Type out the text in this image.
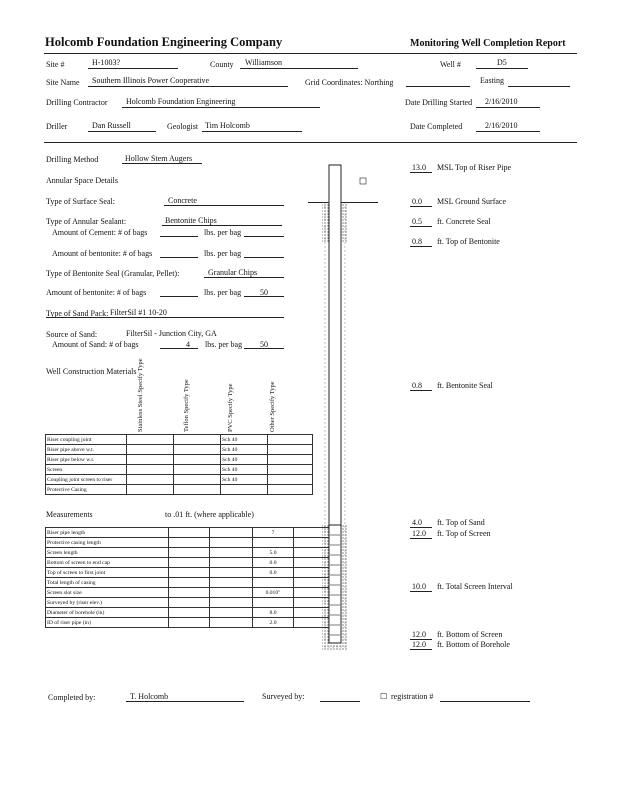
Holcomb Foundation Engineering Company	Monitoring Well Completion Report
Site #	H-1003?	County Williamson	Well #	D5
Site Name Southern Illinois Power Cooperative	Grid Coordinates: Northing	Easting
Drilling Contractor Holcomb Foundation Engineering	Date Drilling Started 2/16/2010
Driller	Dan Russell	Geologist Tim Holcomb	Date Completed	2/16/2010
Drilling Method	Hollow Stem Augers
Annular Space Details
Type of Surface Seal:	Concrete
Type of Annular Sealant:	Bentonite Chips
Amount of Cement: # of bags	lbs. per bag
Amount of bentonite: # of bags	lbs. per bag
Type of Bentonite Seal (Granular, Pellet):	Granular Chips
Amount of bentonite: # of bags	lbs. per bag 50
Type of Sand Pack: FilterSil #1 10-20
Source of Sand:	FilterSil - Junction City, GA
Amount of Sand: # of bags	4 lbs. per bag 50
Well Construction Materials Stainless Steel Specify Type	Teflon Specify Type	PVC Specify Type	Other Specify Type
Riser coupling joint			Sch 40	
Riser pipe above w.t.			Sch 40	
Riser pipe below w.t.			Sch 40	
Screen			Sch 40	
Coupling joint screen to riser			Sch 40	
Protective Casing				
Measurements	to .01 ft. (where applicable)
Riser pipe length			7	
Protective casing length				
Screen length			5.0	
Bottom of screen to end cap			0.0	
Top of screen to first joint			0.0	
Total length of casing				
Screen slot size			0.010"	
Surveyed by (riser elev.)				
Diameter of borehole (in)			8.0	
ID of riser pipe (in)			2.0	
13.0 MSL Top of Riser Pipe
0.0 MSL Ground Surface
0.5 ft. Concrete Seal
0.8 ft. Top of Bentonite
0.8 ft. Bentonite Seal
4.0 ft. Top of Sand
12.0 ft. Top of Screen
10.0 ft. Total Screen Interval
12.0 ft. Bottom of Screen
12.0 ft. Bottom of Borehole
Completed by:	T. Holcomb	Surveyed by:	☐ registration #
